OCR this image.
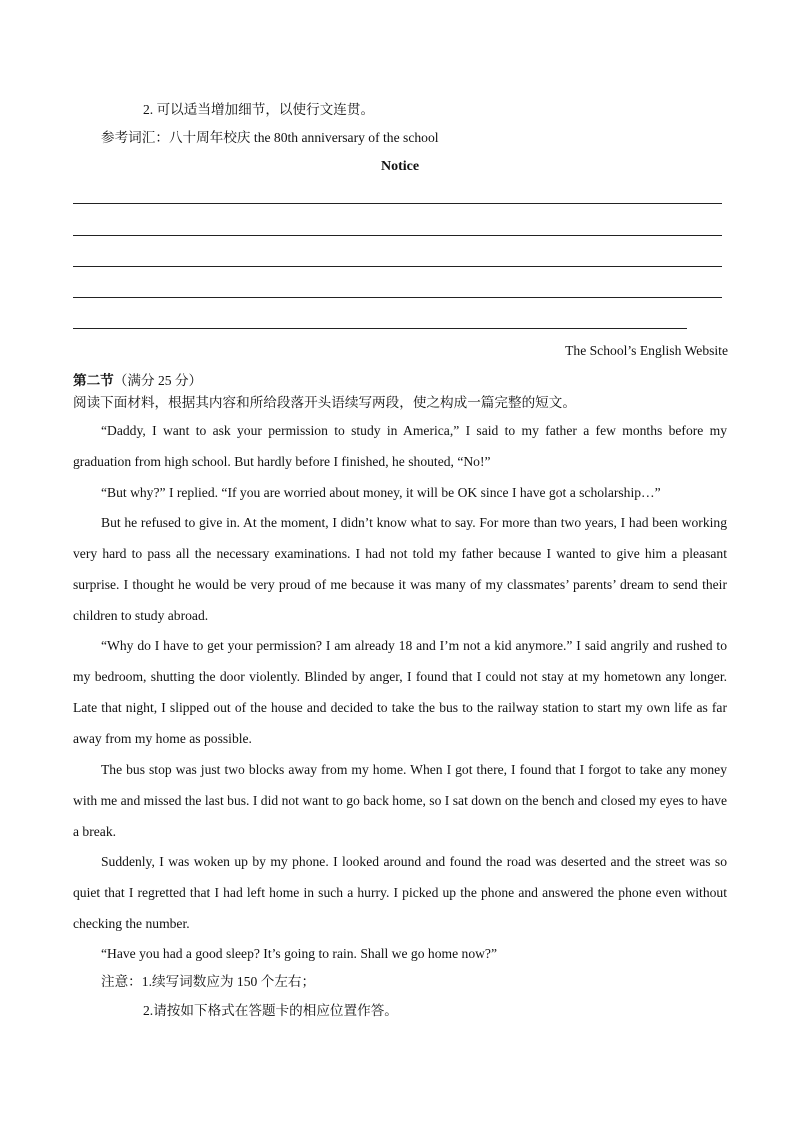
2. 可以适当增加细节，以使行文连贯。
参考词汇：八十周年校庆 the 80th anniversary of the school
Notice
The School’s English Website
第二节（满分 25 分）
阅读下面材料，根据其内容和所给段落开头语续写两段，使之构成一篇完整的短文。

“Daddy, I want to ask your permission to study in America,” I said to my father a few months before my graduation from high school. But hardly before I finished, he shouted, “No!”

“But why?” I replied. “If you are worried about money, it will be OK since I have got a scholarship…”

But he refused to give in. At the moment, I didn’t know what to say. For more than two years, I had been working very hard to pass all the necessary examinations. I had not told my father because I wanted to give him a pleasant surprise. I thought he would be very proud of me because it was many of my classmates’ parents’ dream to send their children to study abroad.

“Why do I have to get your permission? I am already 18 and I’m not a kid anymore.” I said angrily and rushed to my bedroom, shutting the door violently. Blinded by anger, I found that I could not stay at my hometown any longer. Late that night, I slipped out of the house and decided to take the bus to the railway station to start my own life as far away from my home as possible.

The bus stop was just two blocks away from my home. When I got there, I found that I forgot to take any money with me and missed the last bus. I did not want to go back home, so I sat down on the bench and closed my eyes to have a break.

Suddenly, I was woken up by my phone. I looked around and found the road was deserted and the street was so quiet that I regretted that I had left home in such a hurry. I picked up the phone and answered the phone even without checking the number.

“Have you had a good sleep? It’s going to rain. Shall we go home now?”

注意：1.续写词数应为 150 个左右；
2.请按如下格式在答题卡的相应位置作答。
